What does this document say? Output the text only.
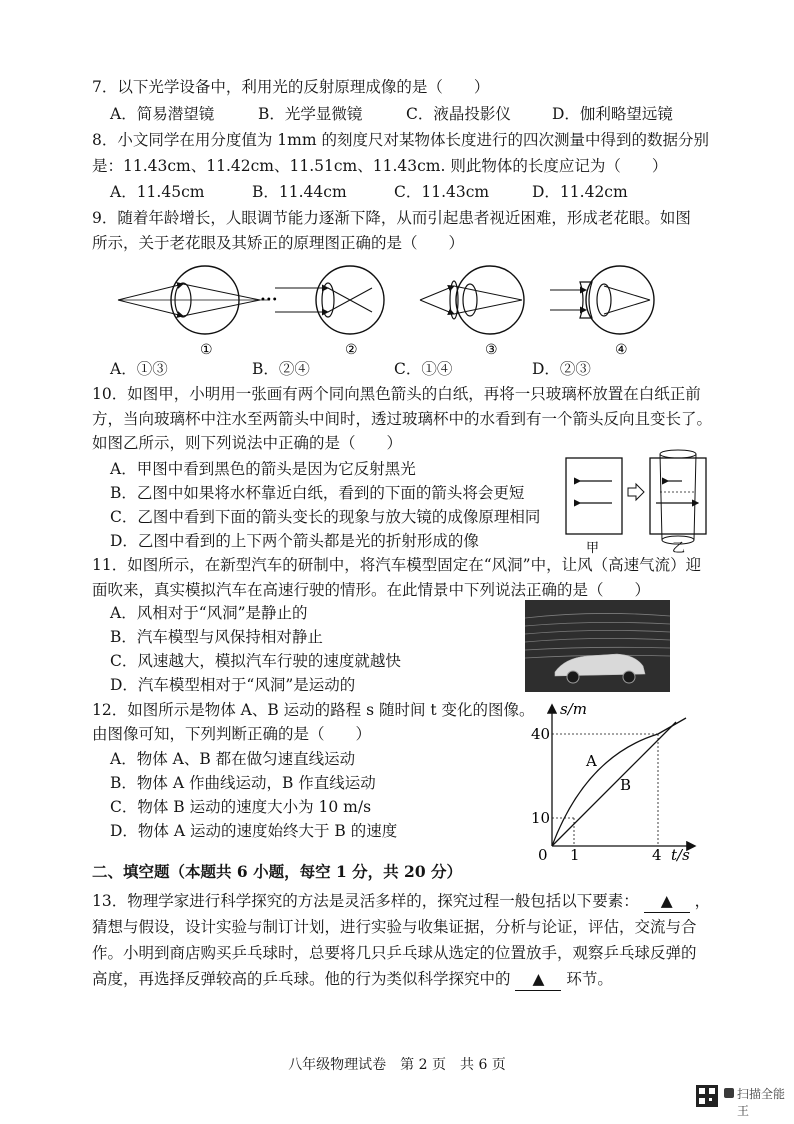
7．以下光学设备中，利用光的反射原理成像的是（　　）
A．简易潜望镜	B．光学显微镜	C．液晶投影仪	D．伽利略望远镜
8．小文同学在用分度值为 1mm 的刻度尺对某物体长度进行的四次测量中得到的数据分别
是：11.43cm、11.42cm、11.51cm、11.43cm. 则此物体的长度应记为（　　）
A．11.45cm	B．11.44cm	C．11.43cm	D．11.42cm
9．随着年龄增长，人眼调节能力逐渐下降，从而引起患者视近困难，形成老花眼。如图
所示，关于老花眼及其矫正的原理图正确的是（　　）
•••
①	②	③	④
A．①③	B．②④	C．①④	D．②③
10．如图甲，小明用一张画有两个同向黑色箭头的白纸，再将一只玻璃杯放置在白纸正前
方，当向玻璃杯中注水至两箭头中间时，透过玻璃杯中的水看到有一个箭头反向且变长了。
如图乙所示，则下列说法中正确的是（　　）
A．甲图中看到黑色的箭头是因为它反射黑光
B．乙图中如果将水杯靠近白纸，看到的下面的箭头将会更短
C．乙图中看到下面的箭头变长的现象与放大镜的成像原理相同
D．乙图中看到的上下两个箭头都是光的折射形成的像	甲	乙
11．如图所示，在新型汽车的研制中，将汽车模型固定在“风洞”中，让风（高速气流）迎
面吹来，真实模拟汽车在高速行驶的情形。在此情景中下列说法正确的是（　　）
A．风相对于“风洞”是静止的
B．汽车模型与风保持相对静止
C．风速越大，模拟汽车行驶的速度就越快
D．汽车模型相对于“风洞”是运动的
12．如图所示是物体 A、B 运动的路程 s 随时间 t 变化的图像。
由图像可知，下列判断正确的是（　　）
A．物体 A、B 都在做匀速直线运动
B．物体 A 作曲线运动，B 作直线运动
C．物体 B 运动的速度大小为 10 m/s
D．物体 A 运动的速度始终大于 B 的速度
s/m
t/s
0
10
40
1	4
A
B
二、填空题（本题共 6 小题，每空 1 分，共 20 分）
13．物理学家进行科学探究的方法是灵活多样的，探究过程一般包括以下要素： ▲ ，
猜想与假设，设计实验与制订计划，进行实验与收集证据，分析与论证，评估，交流与合
作。小明到商店购买乒乓球时，总要将几只乒乓球从选定的位置放手，观察乒乓球反弹的
高度，再选择反弹较高的乒乓球。他的行为类似科学探究中的 ▲ 环节。
八年级物理试卷　第 2 页　共 6 页
扫描全能王
